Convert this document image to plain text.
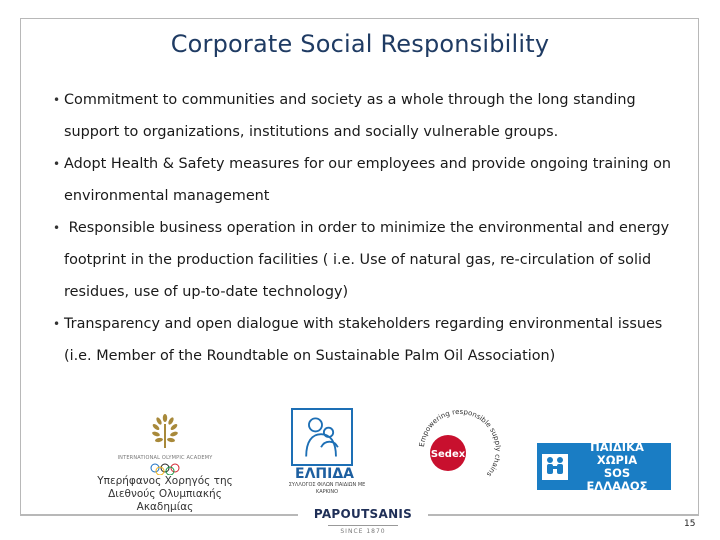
Corporate Social Responsibility
• Commitment to communities and society as a whole through the long standing
support to organizations, institutions and socially vulnerable groups.
• Adopt Health & Safety measures for our employees and provide ongoing training on
environmental management
• Responsible business operation in order to minimize the environmental and energy
footprint in the production facilities ( i.e. Use of natural gas, re-circulation of solid
residues, use of up-to-date technology)
• Transparency and open dialogue with stakeholders regarding environmental issues
(i.e. Member of the Roundtable on Sustainable Palm Oil Association)
INTERNATIONAL OLYMPIC ACADEMY
Υπερήφανος Χορηγός της
Διεθνούς Ολυμπιακής Ακαδημίας
ΕΛΠΙΔΑ
ΣΥΛΛΟΓΟΣ ΦΙΛΩΝ ΠΑΙΔΙΩΝ ΜΕ ΚΑΡΚΙΝΟ
Empowering responsible supply chains
Sedex
ΠΑΙΔΙΚΑ ΧΩΡΙΑ
SOS
ΕΛΛΑΔΟΣ
PAPOUTSANIS
SINCE 1870
15
